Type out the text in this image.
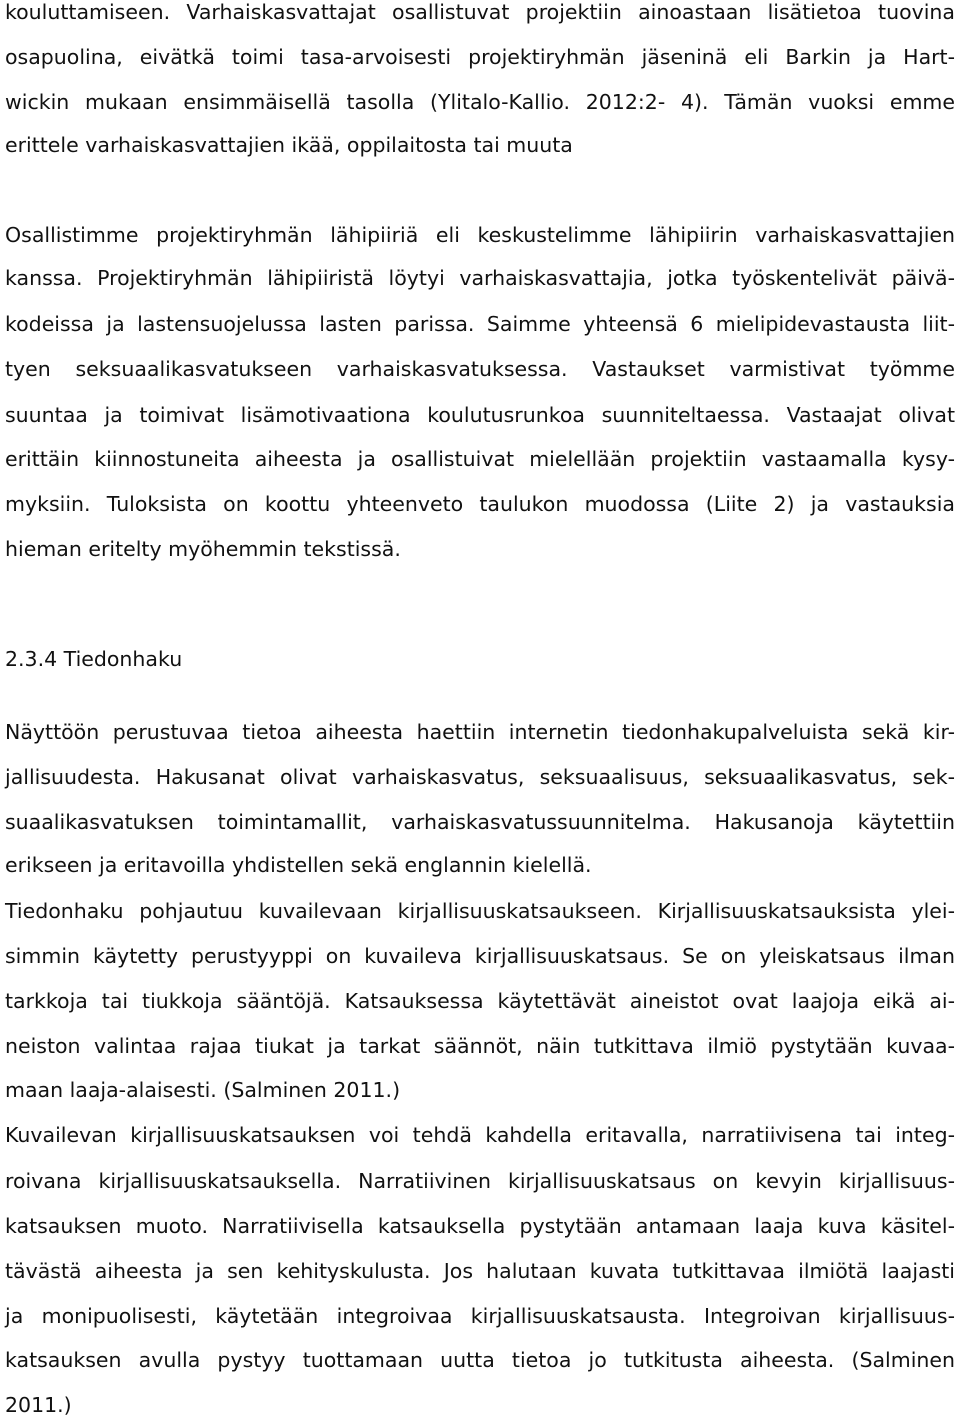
kouluttamiseen. Varhaiskasvattajat osallistuvat projektiin ainoastaan lisätietoa tuovina
osapuolina, eivätkä toimi tasa-arvoisesti projektiryhmän jäseninä eli Barkin ja Hart-
wickin mukaan ensimmäisellä tasolla (Ylitalo-Kallio. 2012:2- 4). Tämän vuoksi emme
erittele varhaiskasvattajien ikää, oppilaitosta tai muuta
Osallistimme projektiryhmän lähipiiriä eli keskustelimme lähipiirin varhaiskasvattajien
kanssa. Projektiryhmän lähipiiristä löytyi varhaiskasvattajia, jotka työskentelivät päivä-
kodeissa ja lastensuojelussa lasten parissa. Saimme yhteensä 6 mielipidevastausta liit-
tyen seksuaalikasvatukseen varhaiskasvatuksessa. Vastaukset varmistivat työmme
suuntaa ja toimivat lisämotivaationa koulutusrunkoa suunniteltaessa. Vastaajat olivat
erittäin kiinnostuneita aiheesta ja osallistuivat mielellään projektiin vastaamalla kysy-
myksiin. Tuloksista on koottu yhteenveto taulukon muodossa (Liite 2) ja vastauksia
hieman eritelty myöhemmin tekstissä.
2.3.4 Tiedonhaku
Näyttöön perustuvaa tietoa aiheesta haettiin internetin tiedonhakupalveluista sekä kir-
jallisuudesta. Hakusanat olivat varhaiskasvatus, seksuaalisuus, seksuaalikasvatus, sek-
suaalikasvatuksen toimintamallit, varhaiskasvatussuunnitelma. Hakusanoja käytettiin
erikseen ja eritavoilla yhdistellen sekä englannin kielellä.
Tiedonhaku pohjautuu kuvailevaan kirjallisuuskatsaukseen. Kirjallisuuskatsauksista ylei-
simmin käytetty perustyyppi on kuvaileva kirjallisuuskatsaus. Se on yleiskatsaus ilman
tarkkoja tai tiukkoja sääntöjä. Katsauksessa käytettävät aineistot ovat laajoja eikä ai-
neiston valintaa rajaa tiukat ja tarkat säännöt, näin tutkittava ilmiö pystytään kuvaa-
maan laaja-alaisesti. (Salminen 2011.)
Kuvailevan kirjallisuuskatsauksen voi tehdä kahdella eritavalla, narratiivisena tai integ-
roivana kirjallisuuskatsauksella. Narratiivinen kirjallisuuskatsaus on kevyin kirjallisuus-
katsauksen muoto. Narratiivisella katsauksella pystytään antamaan laaja kuva käsitel-
tävästä aiheesta ja sen kehityskulusta. Jos halutaan kuvata tutkittavaa ilmiötä laajasti
ja monipuolisesti, käytetään integroivaa kirjallisuuskatsausta. Integroivan kirjallisuus-
katsauksen avulla pystyy tuottamaan uutta tietoa jo tutkitusta aiheesta. (Salminen
2011.)
